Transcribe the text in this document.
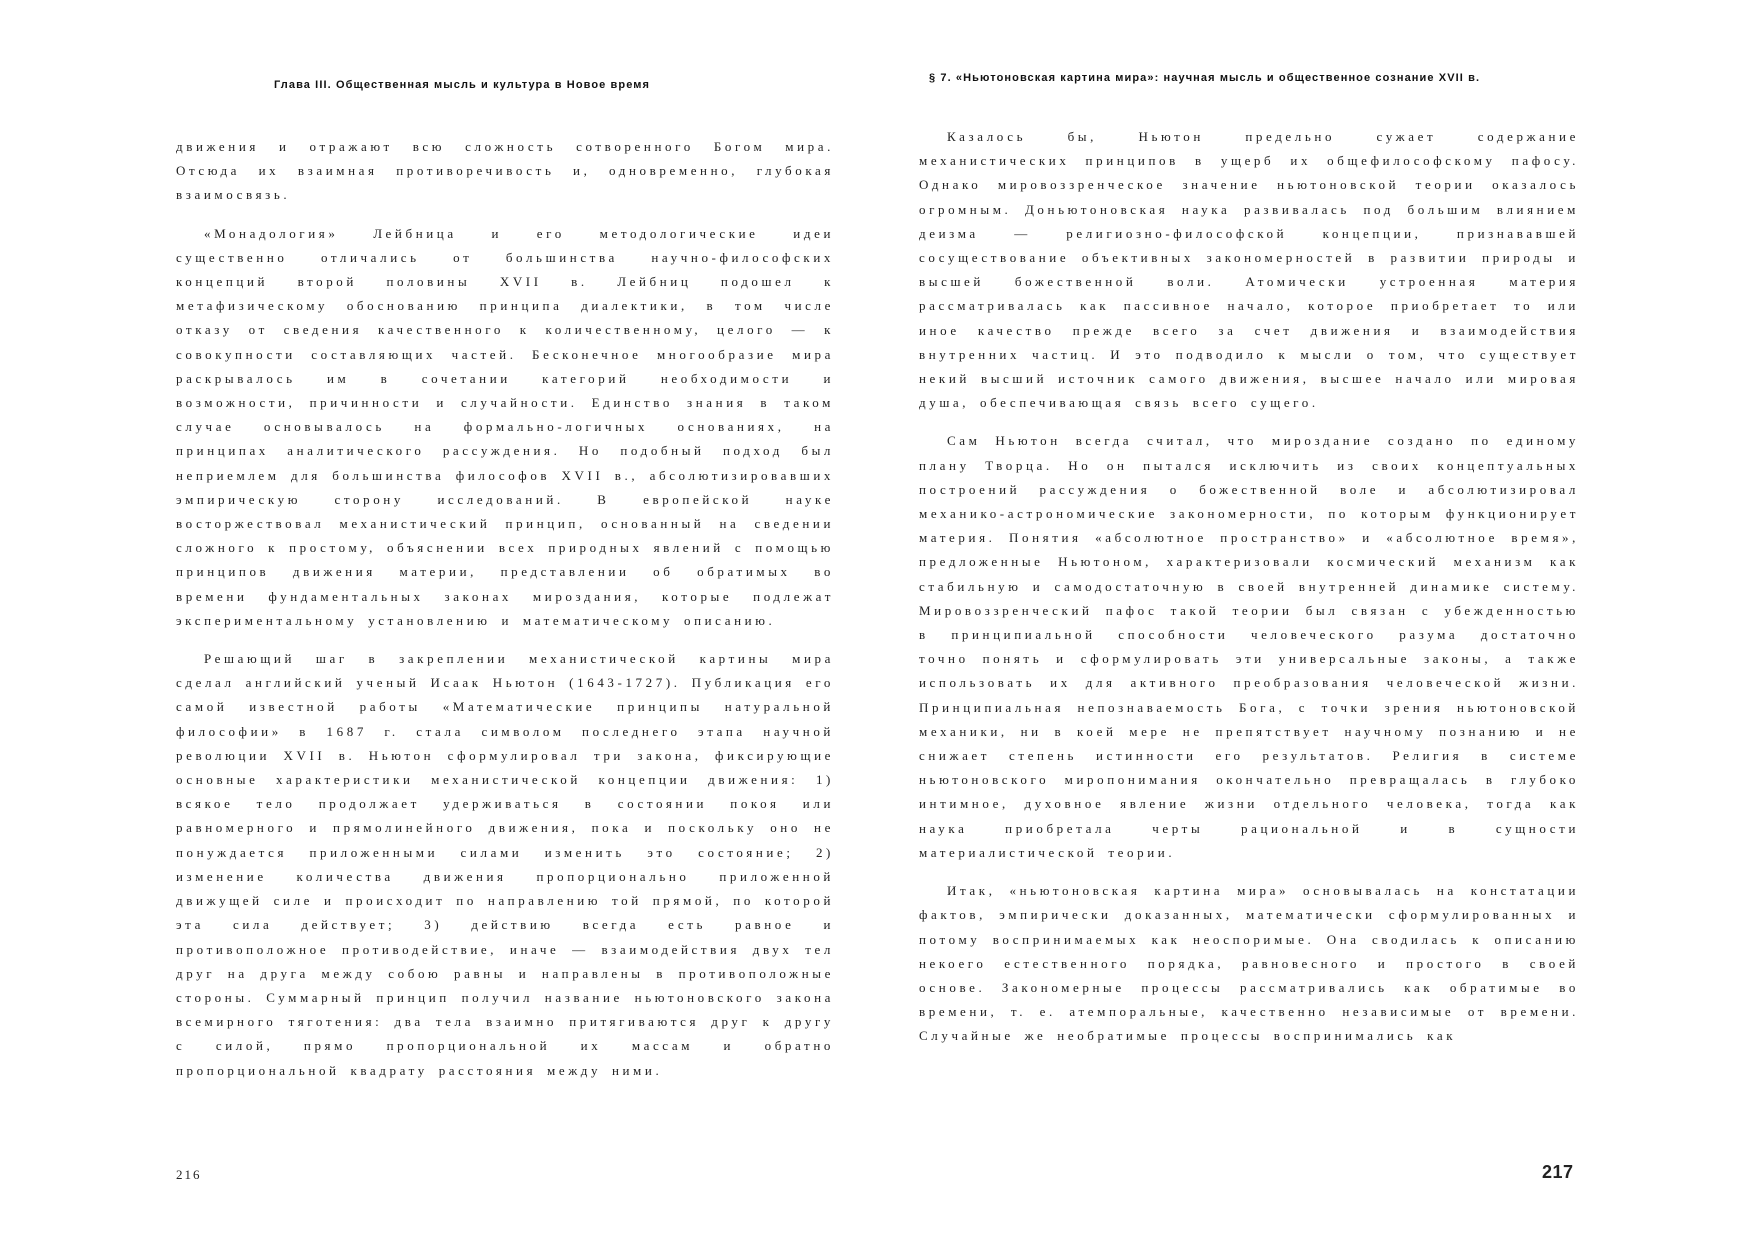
Глава III. Общественная мысль и культура в Новое время

движения и отражают всю сложность сотворенного Богом мира. Отсюда их взаимная противоречивость и, одновременно, глубокая взаимосвязь.

«Монадология» Лейбница и его методологические идеи существенно отличались от большинства научно-философских концепций второй половины XVII в. Лейбниц подошел к метафизическому обоснованию принципа диалектики, в том числе отказу от сведения качественного к количественному, целого — к совокупности составляющих частей. Бесконечное многообразие мира раскрывалось им в сочетании категорий необходимости и возможности, причинности и случайности. Единство знания в таком случае основывалось на формально-логичных основаниях, на принципах аналитического рассуждения. Но подобный подход был неприемлем для большинства философов XVII в., абсолютизировавших эмпирическую сторону исследований. В европейской науке восторжествовал механистический принцип, основанный на сведении сложного к простому, объяснении всех природных явлений с помощью принципов движения материи, представлении об обратимых во времени фундаментальных законах мироздания, которые подлежат экспериментальному установлению и математическому описанию.

Решающий шаг в закреплении механистической картины мира сделал английский ученый Исаак Ньютон (1643-1727). Публикация его самой известной работы «Математические принципы натуральной философии» в 1687 г. стала символом последнего этапа научной революции XVII в. Ньютон сформулировал три закона, фиксирующие основные характеристики механистической концепции движения: 1) всякое тело продолжает удерживаться в состоянии покоя или равномерного и прямолинейного движения, пока и поскольку оно не понуждается приложенными силами изменить это состояние; 2) изменение количества движения пропорционально приложенной движущей силе и происходит по направлению той прямой, по которой эта сила действует; 3) действию всегда есть равное и противоположное противодействие, иначе — взаимодействия двух тел друг на друга между собою равны и направлены в противоположные стороны. Суммарный принцип получил название ньютоновского закона всемирного тяготения: два тела взаимно притягиваются друг к другу с силой, прямо пропорциональной их массам и обратно пропорциональной квадрату расстояния между ними.

216
§ 7. «Ньютоновская картина мира»: научная мысль и общественное сознание XVII в.

Казалось бы, Ньютон предельно сужает содержание механистических принципов в ущерб их общефилософскому пафосу. Однако мировоззренческое значение ньютоновской теории оказалось огромным. Доньютоновская наука развивалась под большим влиянием деизма — религиозно-философской концепции, признававшей сосуществование объективных закономерностей в развитии природы и высшей божественной воли. Атомически устроенная материя рассматривалась как пассивное начало, которое приобретает то или иное качество прежде всего за счет движения и взаимодействия внутренних частиц. И это подводило к мысли о том, что существует некий высший источник самого движения, высшее начало или мировая душа, обеспечивающая связь всего сущего.

Сам Ньютон всегда считал, что мироздание создано по единому плану Творца. Но он пытался исключить из своих концептуальных построений рассуждения о божественной воле и абсолютизировал механико-астрономические закономерности, по которым функционирует материя. Понятия «абсолютное пространство» и «абсолютное время», предложенные Ньютоном, характеризовали космический механизм как стабильную и самодостаточную в своей внутренней динамике систему. Мировоззренческий пафос такой теории был связан с убежденностью в принципиальной способности человеческого разума достаточно точно понять и сформулировать эти универсальные законы, а также использовать их для активного преобразования человеческой жизни. Принципиальная непознаваемость Бога, с точки зрения ньютоновской механики, ни в коей мере не препятствует научному познанию и не снижает степень истинности его результатов. Религия в системе ньютоновского миропонимания окончательно превращалась в глубоко интимное, духовное явление жизни отдельного человека, тогда как наука приобретала черты рациональной и в сущности материалистической теории.

Итак, «ньютоновская картина мира» основывалась на констатации фактов, эмпирически доказанных, математически сформулированных и потому воспринимаемых как неоспоримые. Она сводилась к описанию некоего естественного порядка, равновесного и простого в своей основе. Закономерные процессы рассматривались как обратимые во времени, т. е. атемпоральные, качественно независимые от времени. Случайные же необратимые процессы воспринимались как

217
